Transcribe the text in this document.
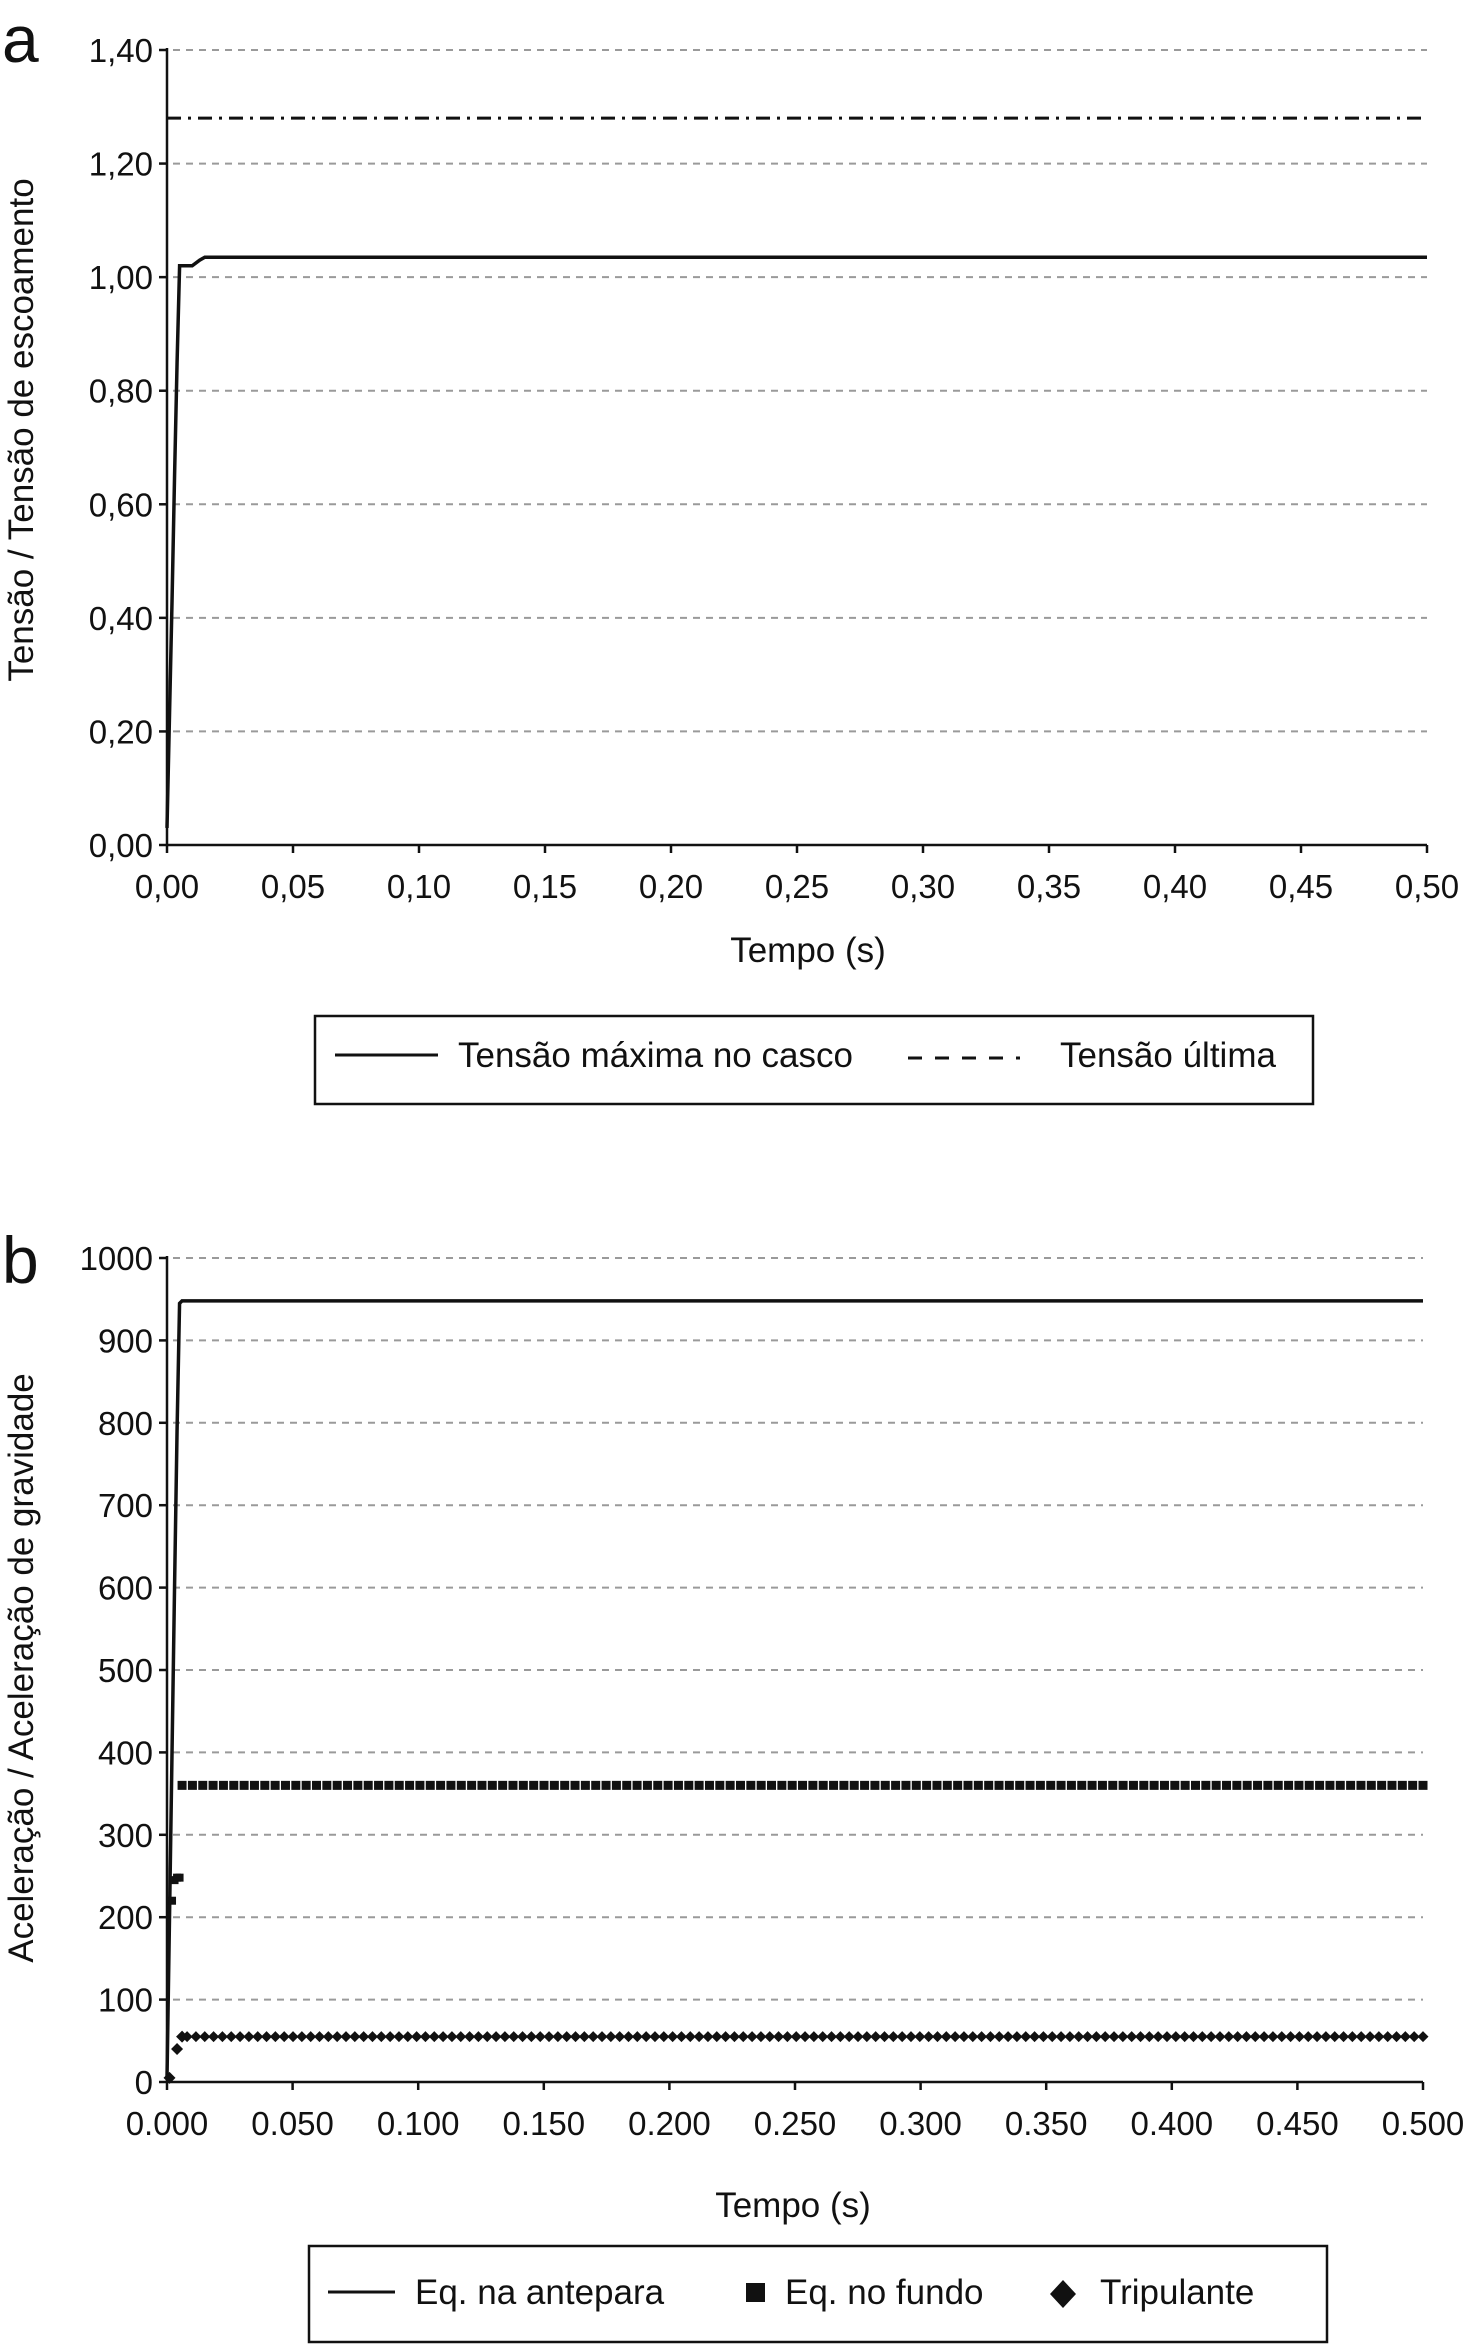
a
0,00
0,20
0,40
0,60
0,80
1,00
1,20
1,40
0,00 0,05 0,10 0,15 0,20 0,25 0,30 0,35 0,40 0,45 0,50
Tempo (s)
Tensão / Tensão de escoamento
Tensão máxima no casco	Tensão última
b
0
100
200
300
400
500
600
700
800
900
1000
0.000 0.050 0.100 0.150 0.200 0.250 0.300 0.350 0.400 0.450 0.500
Tempo (s)
Aceleração / Aceleração de gravidade
Eq. na antepara	Eq. no fundo	Tripulante
